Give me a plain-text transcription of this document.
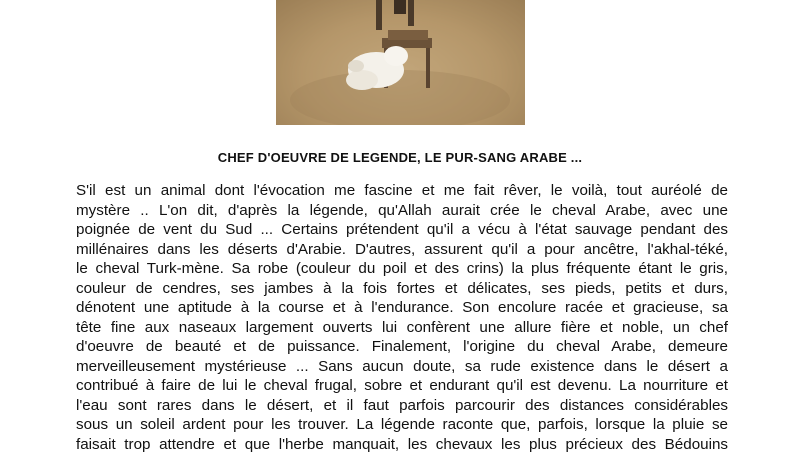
CHEF D'OEUVRE DE LEGENDE, LE PUR-SANG ARABE ...
S'il est un animal dont l'évocation me fascine et me fait rêver, le voilà, tout auréolé de
mystère .. L'on dit, d'après la légende, qu'Allah aurait crée le cheval Arabe, avec une
poignée de vent du Sud ... Certains prétendent qu'il a vécu à l'état sauvage pendant des
millénaires dans les déserts d'Arabie. D'autres, assurent qu'il a pour ancêtre, l'akhal-téké,
le cheval Turk-mène. Sa robe (couleur du poil et des crins) la plus fréquente étant le gris,
couleur de cendres, ses jambes à la fois fortes et délicates, ses pieds, petits et durs,
dénotent une aptitude à la course et à l'endurance. Son encolure racée et gracieuse, sa
tête fine aux naseaux largement ouverts lui confèrent une allure fière et noble, un chef
d'oeuvre de beauté et de puissance. Finalement, l'origine du cheval Arabe, demeure
merveilleusement mystérieuse ... Sans aucun doute, sa rude existence dans le désert a
contribué à faire de lui le cheval frugal, sobre et endurant qu'il est devenu. La nourriture et
l'eau sont rares dans le désert, et il faut parfois parcourir des distances considérables
sous un soleil ardent pour les trouver. La légende raconte que, parfois, lorsque la pluie se
faisait trop attendre et que l'herbe manquait, les chevaux les plus précieux des Bédouins
